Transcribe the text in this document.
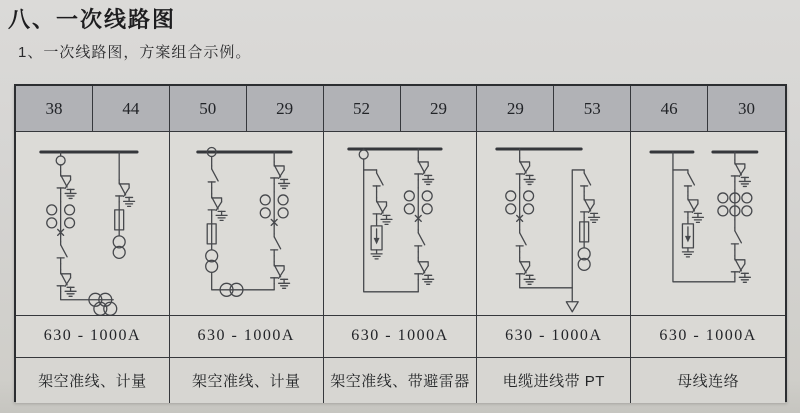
八、一次线路图
1、一次线路图，方案组合示例。
38	44	50	29	52	29	29	53	46	30
630 - 1000A	630 - 1000A	630 - 1000A	630 - 1000A	630 - 1000A
架空准线、计量	架空准线、计量	架空准线、带避雷器	电缆进线带 PT	母线连络
